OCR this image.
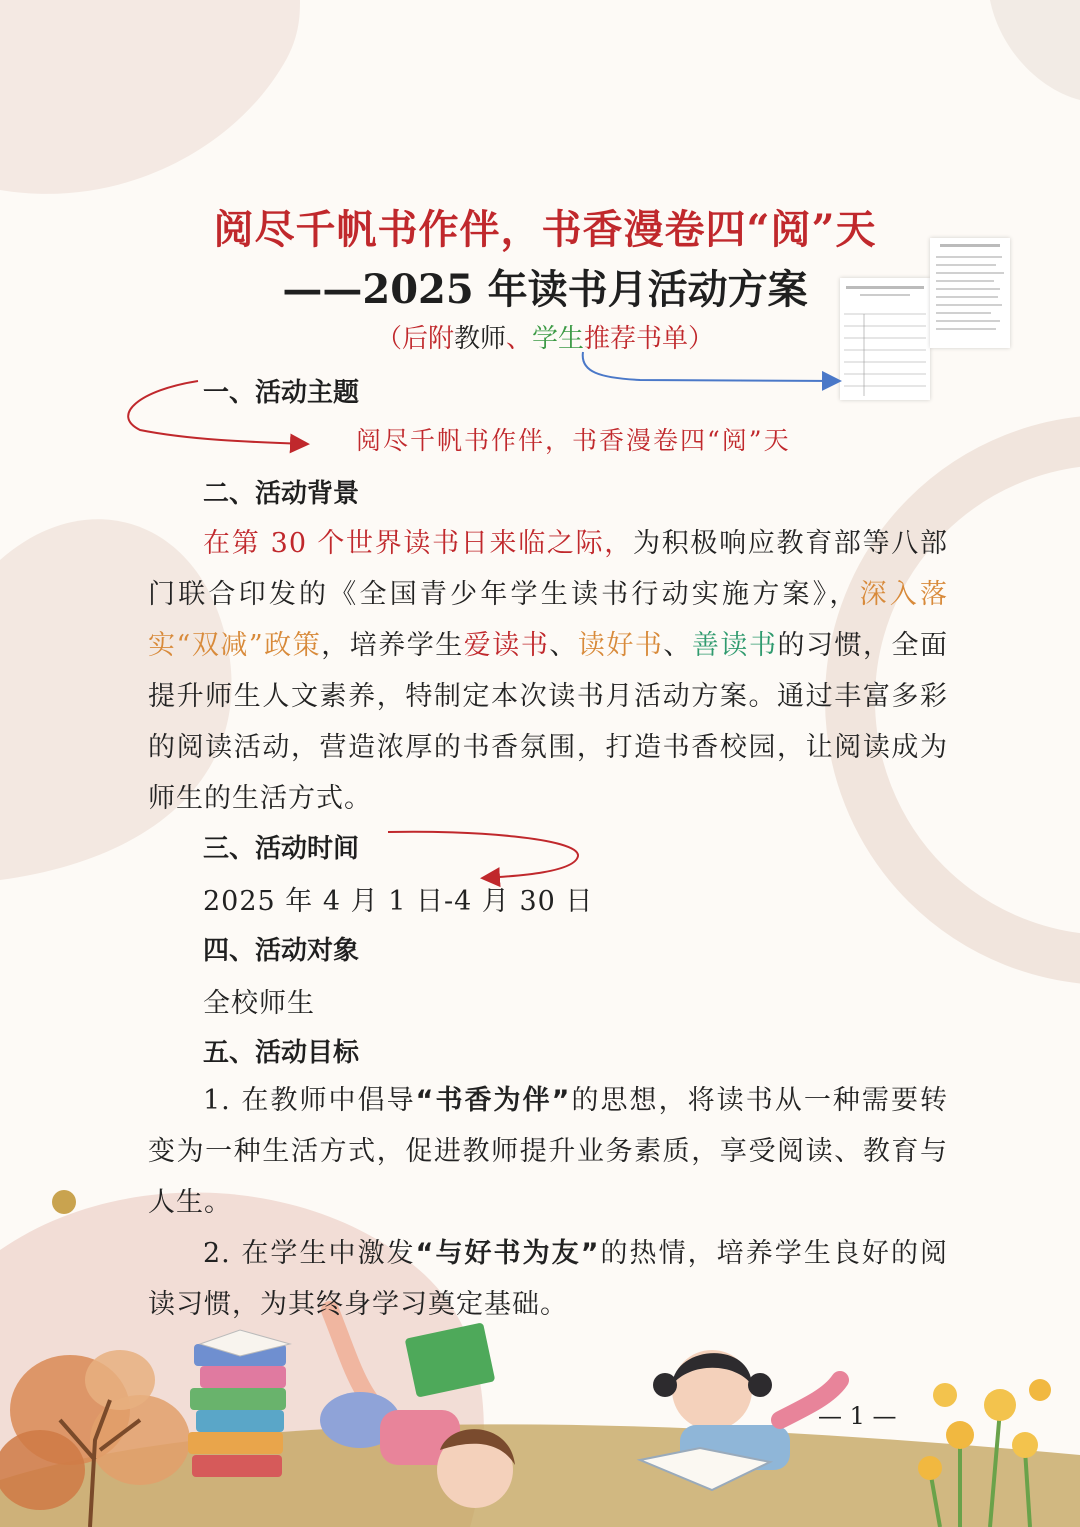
阅尽千帆书作伴，书香漫卷四“阅”天
——2025 年读书月活动方案
（后附教师、学生推荐书单）
一、活动主题
阅尽千帆书作伴，书香漫卷四“阅”天
二、活动背景
在第 30 个世界读书日来临之际，为积极响应教育部等八部门联合印发的《全国青少年学生读书行动实施方案》，深入落实“双减”政策，培养学生爱读书、读好书、善读书的习惯，全面提升师生人文素养，特制定本次读书月活动方案。通过丰富多彩的阅读活动，营造浓厚的书香氛围，打造书香校园，让阅读成为师生的生活方式。
三、活动时间
2025 年 4 月 1 日-4 月 30 日
四、活动对象
全校师生
五、活动目标
1. 在教师中倡导“书香为伴”的思想，将读书从一种需要转变为一种生活方式，促进教师提升业务素质，享受阅读、教育与人生。
2. 在学生中激发“与好书为友”的热情，培养学生良好的阅读习惯，为其终身学习奠定基础。
— 1 —
